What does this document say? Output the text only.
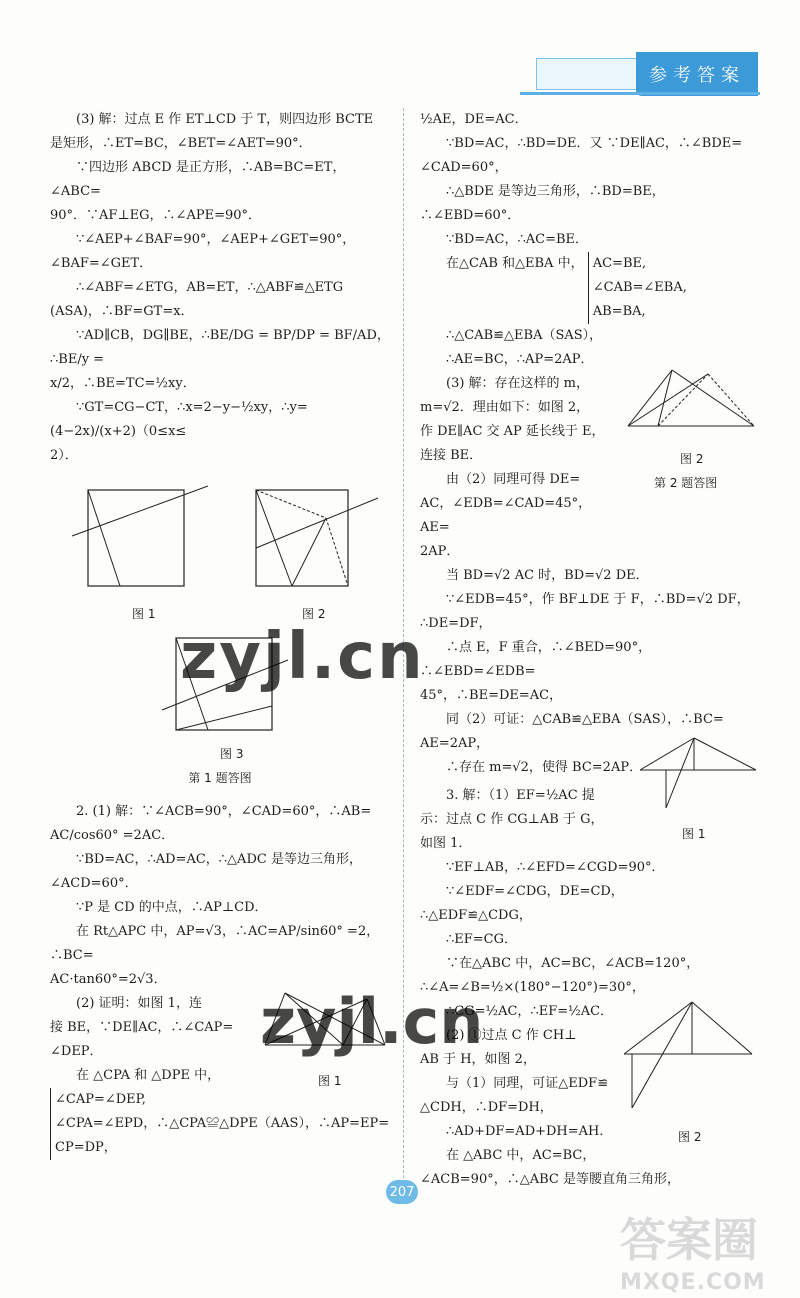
参考答案

(3) 解：过点 E 作 ET⊥CD 于 T，则四边形 BCTE

是矩形，∴ET=BC，∠BET=∠AET=90°．

∵四边形 ABCD 是正方形，∴AB=BC=ET，∠ABC=

90°．∵AF⊥EG，∴∠APE=90°．

∵∠AEP+∠BAF=90°，∠AEP+∠GET=90°，

∠BAF=∠GET．

∴∠ABF=∠ETG，AB=ET，∴△ABF≌△ETG

(ASA)，∴BF=GT=x．

∵AD∥CB，DG∥BE，∴BE/DG = BP/DP = BF/AD，∴BE/y =

x/2，∴BE=TC=½xy．

∵GT=CG−CT，∴x=2−y−½xy，∴y=(4−2x)/(x+2)（0≤x≤

2）．

图 1	图 2
图 3
第 1 题答图

2. (1) 解：∵∠ACB=90°，∠CAD=60°，∴AB=

AC/cos60° =2AC．

∵BD=AC，∴AD=AC，∴△ADC 是等边三角形，

∠ACD=60°．

∵P 是 CD 的中点，∴AP⊥CD．

在 Rt△APC 中，AP=√3，∴AC=AP/sin60° =2，∴BC=

AC·tan60°=2√3．

(2) 证明：如图 1，连

接 BE，∵DE∥AC，∴∠CAP=

∠DEP．

在 △CPA 和 △DPE 中，

∠CAP=∠DEP,

∠CPA=∠EPD，∴△CPA≌△DPE（AAS），∴AP=EP=

CP=DP，

图 1

½AE，DE=AC．

∵BD=AC，∴BD=DE．又 ∵DE∥AC，∴∠BDE=

∠CAD=60°，

∴△BDE 是等边三角形，∴BD=BE，∴∠EBD=60°．

∵BD=AC，∴AC=BE．

在△CAB 和△EBA 中，

AC=BE,
∠CAB=∠EBA,
AB=BA,

∴△CAB≌△EBA（SAS），

∴AE=BC，∴AP=2AP．

(3) 解：存在这样的 m，

m=√2．理由如下：如图 2，

作 DE∥AC 交 AP 延长线于 E，

连接 BE．

由（2）同理可得 DE=

AC，∠EDB=∠CAD=45°，AE=

2AP．

当 BD=√2 AC 时，BD=√2 DE．

∵∠EDB=45°，作 BF⊥DE 于 F，∴BD=√2 DF，

∴DE=DF，

∴点 E，F 重合，∴∠BED=90°，∴∠EBD=∠EDB=

45°，∴BE=DE=AC，

同（2）可证：△CAB≌△EBA（SAS），∴BC=

AE=2AP，

∴存在 m=√2，使得 BC=2AP．

3. 解：（1）EF=½AC 提

示：过点 C 作 CG⊥AB 于 G，

如图 1．

∵EF⊥AB，∴∠EFD=∠CGD=90°．

∵∠EDF=∠CDG，DE=CD，

∴△EDF≌△CDG，

∴EF=CG．

∵在△ABC 中，AC=BC，∠ACB=120°，

∴∠A=∠B=½×(180°−120°)=30°，

∴CG=½AC，∴EF=½AC．

(2) ①过点 C 作 CH⊥

AB 于 H，如图 2，

与（1）同理，可证△EDF≌

△CDH，∴DF=DH，

∴AD+DF=AD+DH=AH．

在 △ABC 中，AC=BC，

∠ACB=90°，∴△ABC 是等腰直角三角形，

图 2
第 2 题答图
图 1
图 2
zyjl.cn
zyjl.cn
207
答案圈
MXQE.COM
